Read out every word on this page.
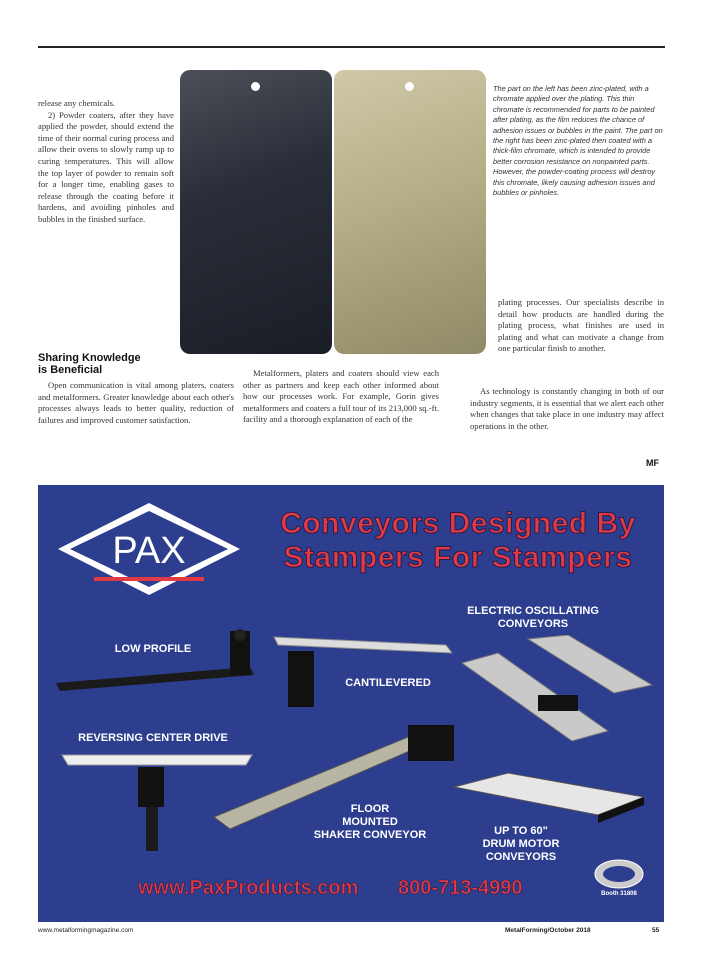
release any chemicals.

2) Powder coaters, after they have applied the powder, should extend the time of their normal curing process and allow their ovens to slowly ramp up to curing temperatures. This will allow the top layer of powder to remain soft for a longer time, enabling gases to release through the coating before it hardens, and avoiding pinholes and bubbles in the finished surface.

The part on the left has been zinc-plated, with a chromate applied over the plating. This thin chromate is recommended for parts to be painted after plating, as the film reduces the chance of adhesion issues or bubbles in the paint. The part on the right has been zinc-plated then coated with a thick-film chromate, which is intended to provide better corrosion resistance on nonpainted parts. However, the powder-coating process will destroy this chromate, likely causing adhesion issues and bubbles or pinholes.

plating processes. Our specialists describe in detail how products are handled during the plating process, what finishes are used in plating and what can motivate a change from one particular finish to another.

Sharing Knowledge
is Beneficial

Open communication is vital among platers, coaters and metalformers. Greater knowledge about each other's processes always leads to better quality, reduction of failures and improved customer satisfaction.

Metalformers, platers and coaters should view each other as partners and keep each other informed about how our processes work. For example, Gorin gives metalformers and coaters a full tour of its 213,000 sq.-ft. facility and a thorough explanation of each of the

As technology is constantly changing in both of our industry segments, it is essential that we alert each other when changes that take place in one industry may affect operations in the other.

MF
PAX
Conveyors Designed By
Stampers For Stampers
LOW PROFILE
CANTILEVERED
ELECTRIC OSCILLATING
CONVEYORS
REVERSING CENTER DRIVE
FLOOR
MOUNTED
SHAKER CONVEYOR	UP TO 60"
DRUM MOTOR
CONVEYORS
www.PaxProducts.com 800-713-4990	Booth 31808
www.metalformingmagazine.com	MetalForming/October 2018	55
